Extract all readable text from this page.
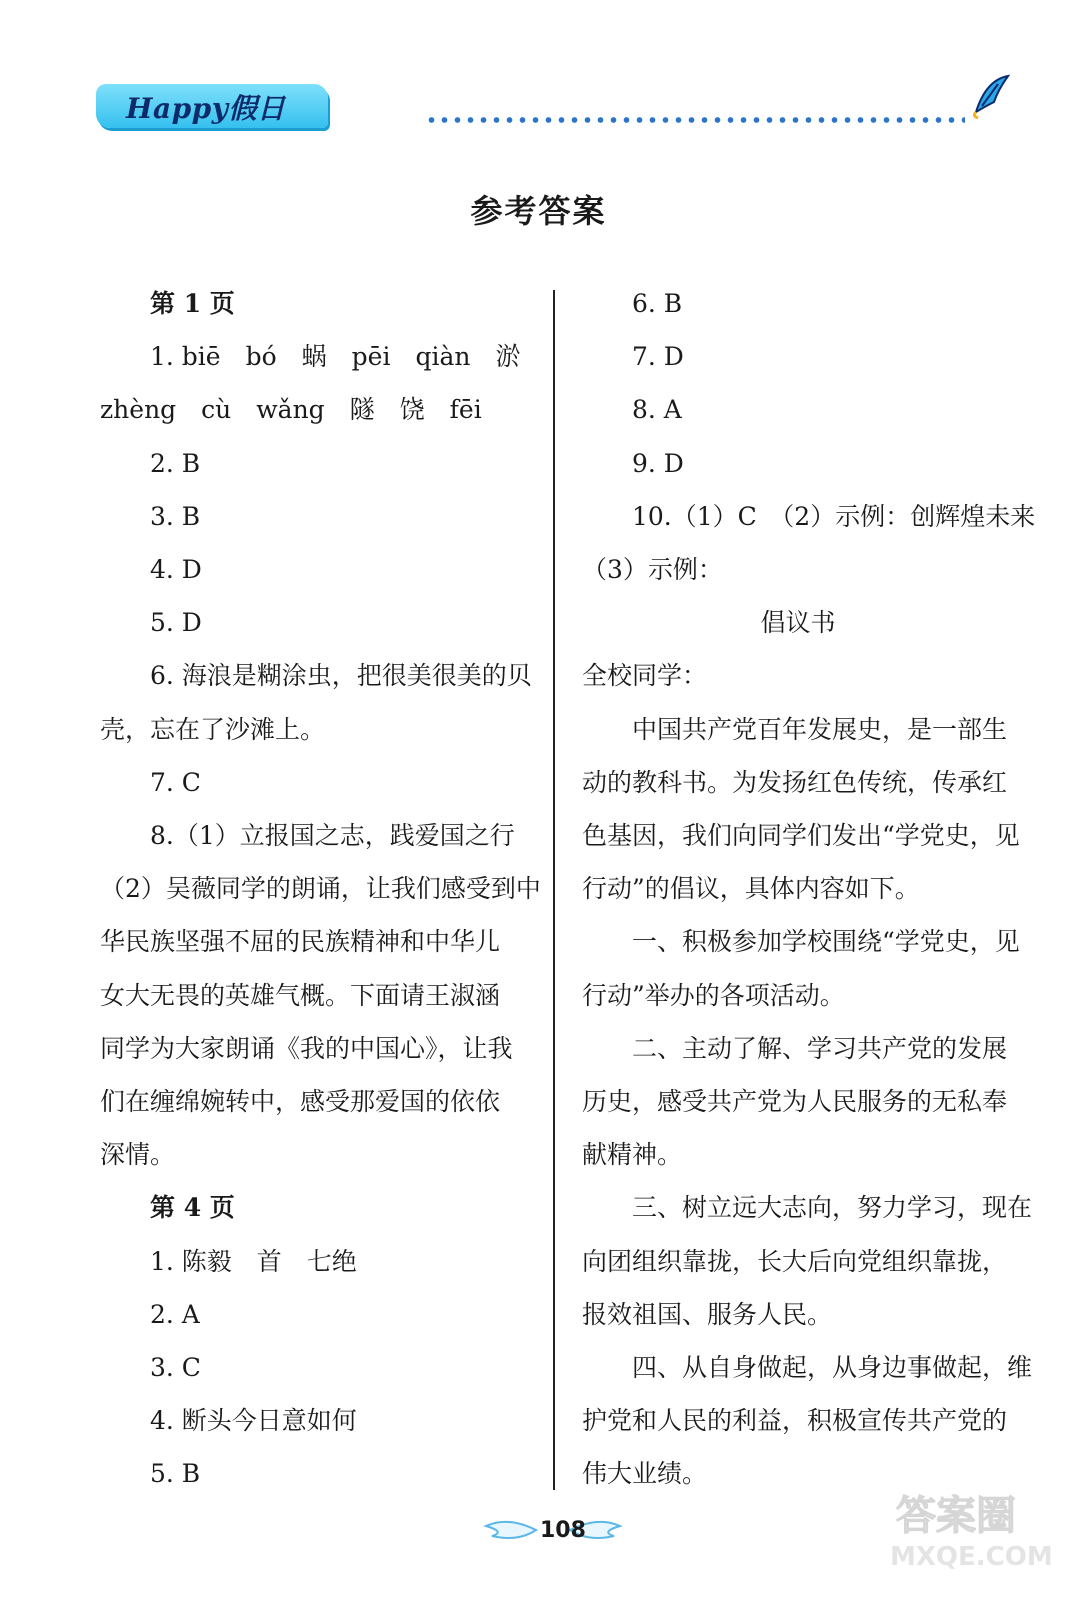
Happy假日
参考答案
第 1 页
1. biē　bó　蜗　pēi　qiàn　淤
zhèng　cù　wǎng　隧　饶　fēi
2. B
3. B
4. D
5. D
6. 海浪是糊涂虫，把很美很美的贝
壳，忘在了沙滩上。
7. C
8.（1）立报国之志，践爱国之行
（2）吴薇同学的朗诵，让我们感受到中
华民族坚强不屈的民族精神和中华儿
女大无畏的英雄气概。下面请王淑涵
同学为大家朗诵《我的中国心》，让我
们在缠绵婉转中，感受那爱国的依依
深情。
第 4 页
1. 陈毅　首　七绝
2. A
3. C
4. 断头今日意如何
5. B
6. B
7. D
8. A
9. D
10.（1）C　（2）示例：创辉煌未来
（3）示例：
倡议书
全校同学：
中国共产党百年发展史，是一部生
动的教科书。为发扬红色传统，传承红
色基因，我们向同学们发出“学党史，见
行动”的倡议，具体内容如下。
一、积极参加学校围绕“学党史，见
行动”举办的各项活动。
二、主动了解、学习共产党的发展
历史，感受共产党为人民服务的无私奉
献精神。
三、树立远大志向，努力学习，现在
向团组织靠拢，长大后向党组织靠拢，
报效祖国、服务人民。
四、从自身做起，从身边事做起，维
护党和人民的利益，积极宣传共产党的
伟大业绩。
108	答案圈
MXQE.COM
